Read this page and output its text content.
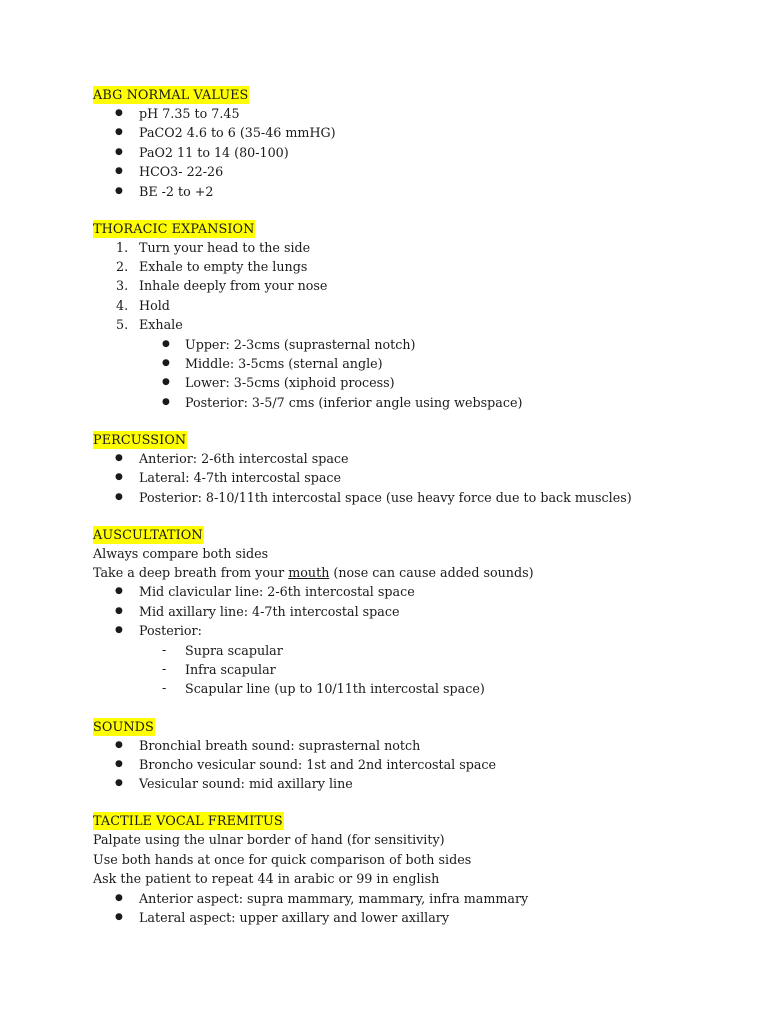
ABG NORMAL VALUES
● pH 7.35 to 7.45
● PaCO2 4.6 to 6 (35-46 mmHG)
● PaO2 11 to 14 (80-100)
● HCO3- 22-26
● BE -2 to +2
THORACIC EXPANSION
1. Turn your head to the side
2. Exhale to empty the lungs
3. Inhale deeply from your nose
4. Hold
5. Exhale
● Upper: 2-3cms (suprasternal notch)
● Middle: 3-5cms (sternal angle)
● Lower: 3-5cms (xiphoid process)
● Posterior: 3-5/7 cms (inferior angle using webspace)
PERCUSSION
● Anterior: 2-6th intercostal space
● Lateral: 4-7th intercostal space
● Posterior: 8-10/11th intercostal space (use heavy force due to back muscles)
AUSCULTATION
Always compare both sides
Take a deep breath from your mouth (nose can cause added sounds)
● Mid clavicular line: 2-6th intercostal space
● Mid axillary line: 4-7th intercostal space
● Posterior:
- Supra scapular
- Infra scapular
- Scapular line (up to 10/11th intercostal space)
SOUNDS
● Bronchial breath sound: suprasternal notch
● Broncho vesicular sound: 1st and 2nd intercostal space
● Vesicular sound: mid axillary line
TACTILE VOCAL FREMITUS
Palpate using the ulnar border of hand (for sensitivity)
Use both hands at once for quick comparison of both sides
Ask the patient to repeat 44 in arabic or 99 in english
● Anterior aspect: supra mammary, mammary, infra mammary
● Lateral aspect: upper axillary and lower axillary
